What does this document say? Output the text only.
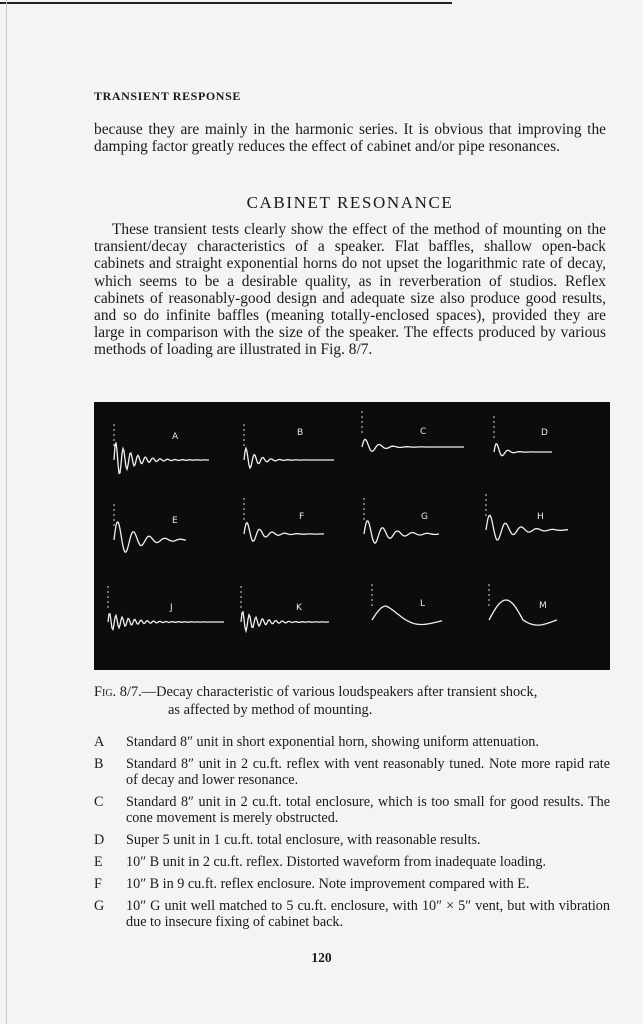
TRANSIENT RESPONSE

because they are mainly in the harmonic series. It is obvious that improving the damping factor greatly reduces the effect of cabinet and/or pipe resonances.

CABINET RESONANCE

These transient tests clearly show the effect of the method of mounting on the transient/decay characteristics of a speaker. Flat baffles, shallow open-back cabinets and straight exponential horns do not upset the logarithmic rate of decay, which seems to be a desirable quality, as in reverberation of studios. Reflex cabinets of reasonably-good design and adequate size also produce good results, and so do infinite baffles (meaning totally-enclosed spaces), provided they are large in comparison with the size of the speaker. The effects produced by various methods of loading are illustrated in Fig. 8/7.

A	B	C	D
E	F	G	H
J	K	L	M
Fig. 8/7.—Decay characteristic of various loudspeakers after transient shock,
as affected by method of mounting.
A	Standard 8″ unit in short exponential horn, showing uniform attenuation.
B	Standard 8″ unit in 2 cu.ft. reflex with vent reasonably tuned. Note more rapid rate of decay and lower resonance.
C	Standard 8″ unit in 2 cu.ft. total enclosure, which is too small for good results. The cone movement is merely obstructed.
D	Super 5 unit in 1 cu.ft. total enclosure, with reasonable results.
E	10″ B unit in 2 cu.ft. reflex. Distorted waveform from inadequate loading.
F	10″ B in 9 cu.ft. reflex enclosure. Note improvement compared with E.
G	10″ G unit well matched to 5 cu.ft. enclosure, with 10″ × 5″ vent, but with vibration due to insecure fixing of cabinet back.
120
